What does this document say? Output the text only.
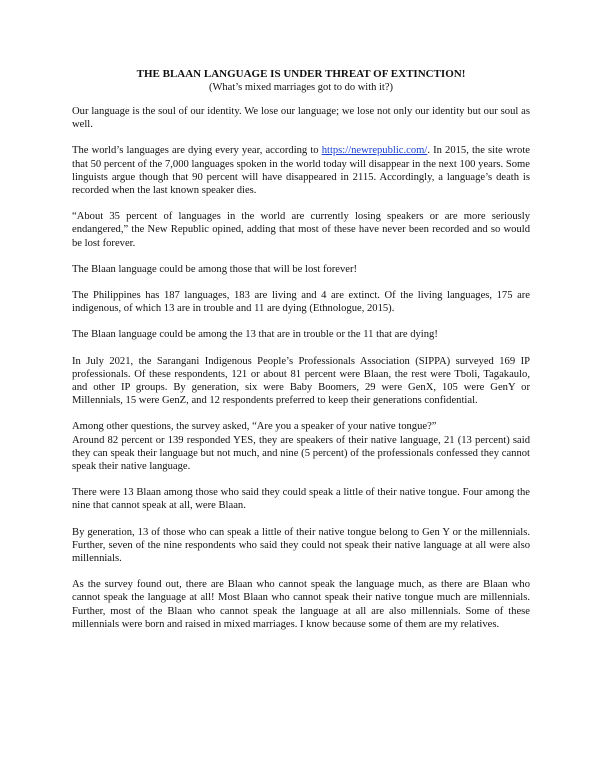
THE BLAAN LANGUAGE IS UNDER THREAT OF EXTINCTION!
(What’s mixed marriages got to do with it?)

Our language is the soul of our identity. We lose our language; we lose not only our identity but our soul as well.

The world’s languages are dying every year, according to https://newrepublic.com/. In 2015, the site wrote that 50 percent of the 7,000 languages spoken in the world today will disappear in the next 100 years. Some linguists argue though that 90 percent will have disappeared in 2115. Accordingly, a language’s death is recorded when the last known speaker dies.

“About 35 percent of languages in the world are currently losing speakers or are more seriously endangered,” the New Republic opined, adding that most of these have never been recorded and so would be lost forever.

The Blaan language could be among those that will be lost forever!

The Philippines has 187 languages, 183 are living and 4 are extinct. Of the living languages, 175 are indigenous, of which 13 are in trouble and 11 are dying (Ethnologue, 2015).

The Blaan language could be among the 13 that are in trouble or the 11 that are dying!

In July 2021, the Sarangani Indigenous People’s Professionals Association (SIPPA) surveyed 169 IP professionals. Of these respondents, 121 or about 81 percent were Blaan, the rest were Tboli, Tagakaulo, and other IP groups. By generation, six were Baby Boomers, 29 were GenX, 105 were GenY or Millennials, 15 were GenZ, and 12 respondents preferred to keep their generations confidential.

Among other questions, the survey asked, “Are you a speaker of your native tongue?”

Around 82 percent or 139 responded YES, they are speakers of their native language, 21 (13 percent) said they can speak their language but not much, and nine (5 percent) of the professionals confessed they cannot speak their native language.

There were 13 Blaan among those who said they could speak a little of their native tongue. Four among the nine that cannot speak at all, were Blaan.

By generation, 13 of those who can speak a little of their native tongue belong to Gen Y or the millennials. Further, seven of the nine respondents who said they could not speak their native language at all were also millennials.

As the survey found out, there are Blaan who cannot speak the language much, as there are Blaan who cannot speak the language at all! Most Blaan who cannot speak their native tongue much are millennials. Further, most of the Blaan who cannot speak the language at all are also millennials. Some of these millennials were born and raised in mixed marriages. I know because some of them are my relatives.
